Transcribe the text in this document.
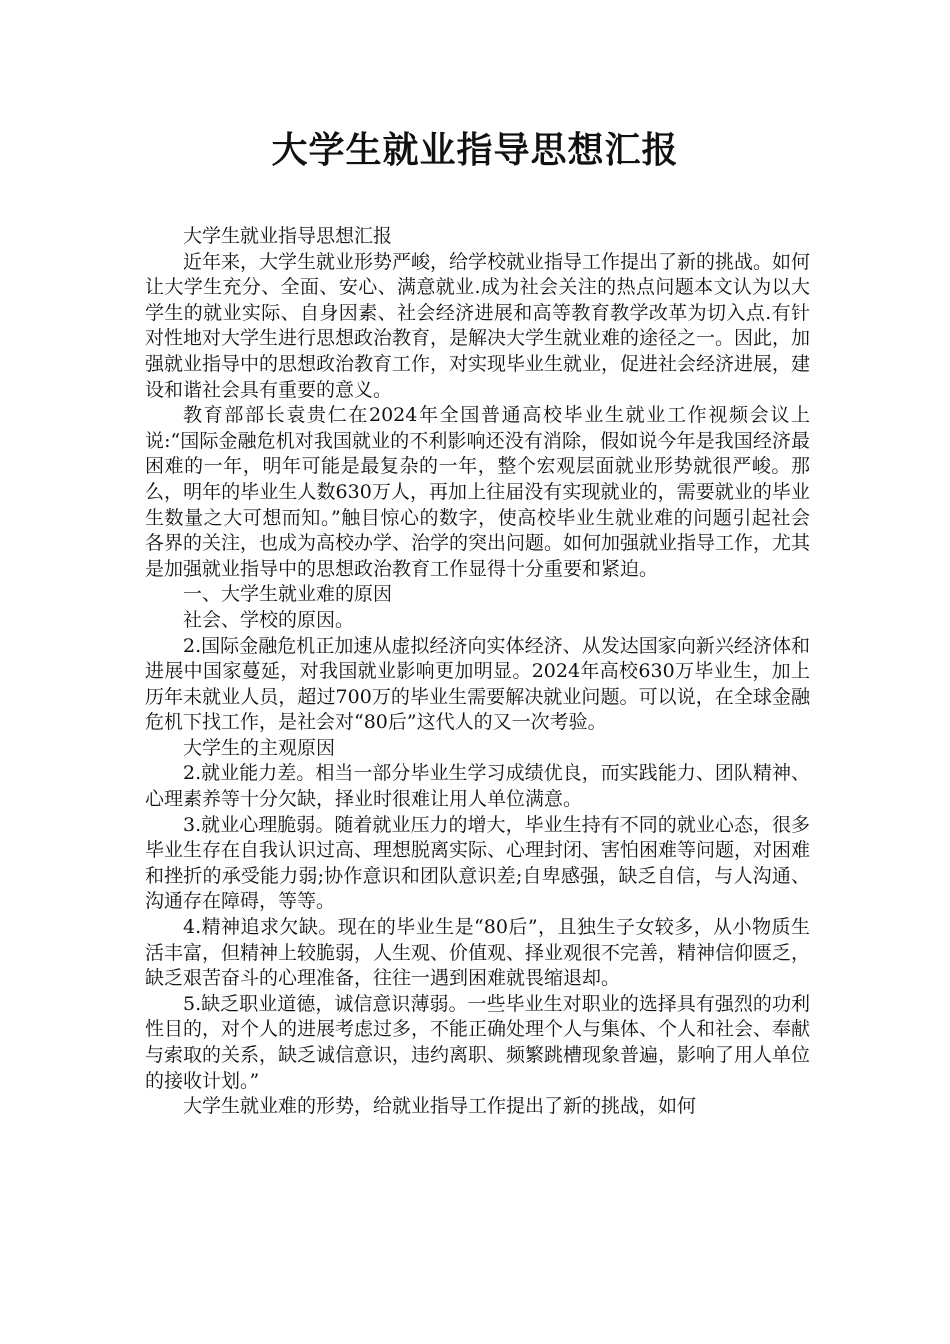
大学生就业指导思想汇报

大学生就业指导思想汇报

近年来，大学生就业形势严峻，给学校就业指导工作提出了新的挑战。如何让大学生充分、全面、安心、满意就业.成为社会关注的热点问题本文认为以大学生的就业实际、自身因素、社会经济进展和高等教育教学改革为切入点.有针对性地对大学生进行思想政治教育，是解决大学生就业难的途径之一。因此，加强就业指导中的思想政治教育工作，对实现毕业生就业，促进社会经济进展，建设和谐社会具有重要的意义。

教育部部长袁贵仁在2024年全国普通高校毕业生就业工作视频会议上说:“国际金融危机对我国就业的不利影响还没有消除，假如说今年是我国经济最困难的一年，明年可能是最复杂的一年，整个宏观层面就业形势就很严峻。那么，明年的毕业生人数630万人，再加上往届没有实现就业的，需要就业的毕业生数量之大可想而知。”触目惊心的数字，使高校毕业生就业难的问题引起社会各界的关注，也成为高校办学、治学的突出问题。如何加强就业指导工作，尤其是加强就业指导中的思想政治教育工作显得十分重要和紧迫。

一、大学生就业难的原因

社会、学校的原因。

2.国际金融危机正加速从虚拟经济向实体经济、从发达国家向新兴经济体和进展中国家蔓延，对我国就业影响更加明显。2024年高校630万毕业生，加上历年未就业人员，超过700万的毕业生需要解决就业问题。可以说，在全球金融危机下找工作，是社会对“80后”这代人的又一次考验。

大学生的主观原因

2.就业能力差。相当一部分毕业生学习成绩优良，而实践能力、团队精神、心理素养等十分欠缺，择业时很难让用人单位满意。

3.就业心理脆弱。随着就业压力的增大，毕业生持有不同的就业心态，很多毕业生存在自我认识过高、理想脱离实际、心理封闭、害怕困难等问题，对困难和挫折的承受能力弱;协作意识和团队意识差;自卑感强，缺乏自信，与人沟通、沟通存在障碍，等等。

4.精神追求欠缺。现在的毕业生是“80后”，且独生子女较多，从小物质生活丰富，但精神上较脆弱，人生观、价值观、择业观很不完善，精神信仰匮乏，缺乏艰苦奋斗的心理准备，往往一遇到困难就畏缩退却。

5.缺乏职业道德，诚信意识薄弱。一些毕业生对职业的选择具有强烈的功利性目的，对个人的进展考虑过多，不能正确处理个人与集体、个人和社会、奉献与索取的关系，缺乏诚信意识，违约离职、频繁跳槽现象普遍，影响了用人单位的接收计划。”

大学生就业难的形势，给就业指导工作提出了新的挑战，如何
